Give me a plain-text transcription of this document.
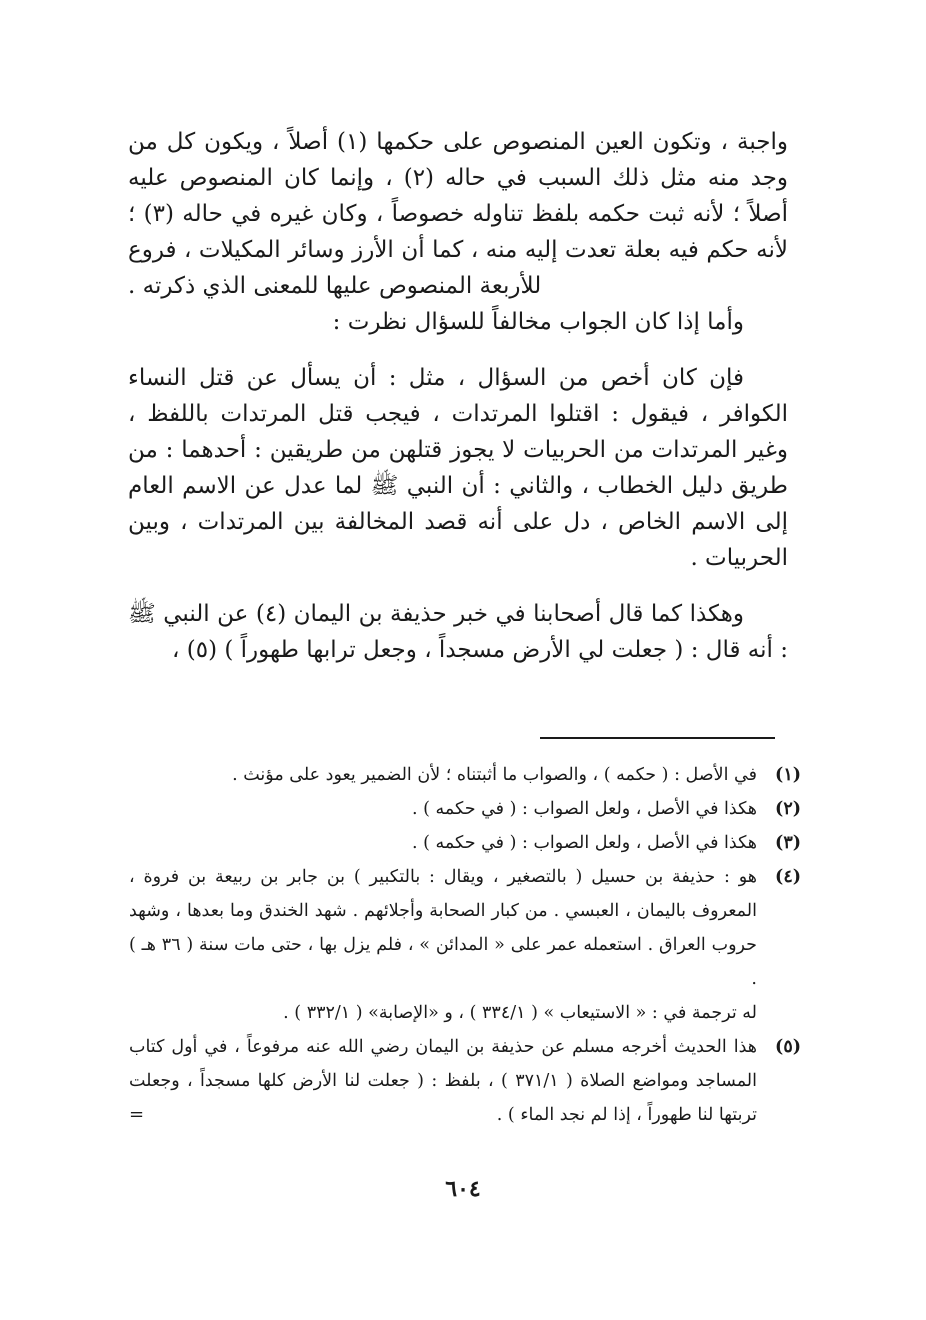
واجبة ، وتكون العين المنصوص على حكمها (١) أصلاً ، ويكون كل من وجد منه مثل ذلك السبب في حاله (٢) ، وإنما كان المنصوص عليه أصلاً ؛ لأنه ثبت حكمه بلفظ تناوله خصوصاً ، وكان غيره في حاله (٣) ؛ لأنه حكم فيه بعلة تعدت إليه منه ، كما أن الأرز وسائر المكيلات ، فروع للأربعة المنصوص عليها للمعنى الذي ذكرته .

وأما إذا كان الجواب مخالفاً للسؤال نظرت :

فإن كان أخص من السؤال ، مثل : أن يسأل عن قتل النساء الكوافر ، فيقول : اقتلوا المرتدات ، فيجب قتل المرتدات باللفظ ، وغير المرتدات من الحربيات لا يجوز قتلهن من طريقين : أحدهما : من طريق دليل الخطاب ، والثاني : أن النبي ﷺ لما عدل عن الاسم العام إلى الاسم الخاص ، دل على أنه قصد المخالفة بين المرتدات ، وبين الحربيات .

وهكذا كما قال أصحابنا في خبر حذيفة بن اليمان (٤) عن النبي ﷺ : أنه قال : ( جعلت لي الأرض مسجداً ، وجعل ترابها طهوراً ) (٥) ،

(١)
في الأصل : ( حكمه ) ، والصواب ما أثبتناه ؛ لأن الضمير يعود على مؤنث .
(٢)
هكذا في الأصل ، ولعل الصواب : ( في حكمه ) .
(٣)
هكذا في الأصل ، ولعل الصواب : ( في حكمه ) .
(٤)
هو : حذيفة بن حسيل ( بالتصغير ، ويقال : بالتكبير ) بن جابر بن ربيعة بن فروة ، المعروف باليمان ، العبسي . من كبار الصحابة وأجلائهم . شهد الخندق وما بعدها ، وشهد حروب العراق . استعمله عمر على « المدائن » ، فلم يزل بها ، حتى مات سنة ( ٣٦ هـ ) .
له ترجمة في : « الاستيعاب » ( ٣٣٤/١ ) ، و «الإصابة» ( ٣٣٢/١ ) .
(٥)
هذا الحديث أخرجه مسلم عن حذيفة بن اليمان رضي الله عنه مرفوعاً ، في أول كتاب المساجد ومواضع الصلاة ( ٣٧١/١ ) ، بلفظ : ( جعلت لنا الأرض كلها مسجداً ، وجعلت تربتها لنا طهوراً ، إذا لم نجد الماء ) .
=
٦٠٤
